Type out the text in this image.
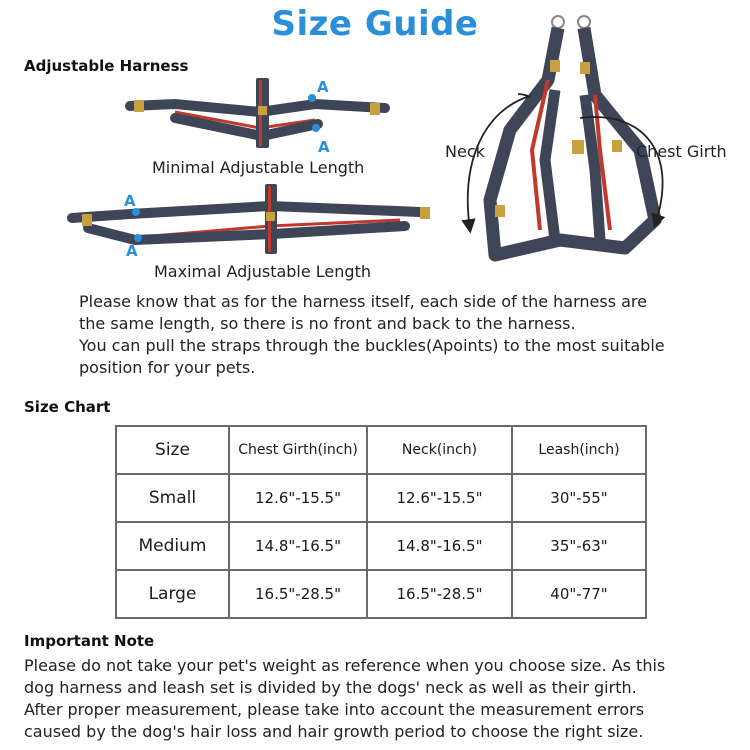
Size Guide
Adjustable Harness
A
A
A
A
Neck	Chest Girth
Minimal Adjustable Length
Maximal Adjustable Length

Please know that as for the harness itself, each side of the harness are

the same length, so there is no front and back to the harness.

You can pull the straps through the buckles(Apoints) to the most suitable

position for your pets.

Size Chart
Size	Chest Girth(inch)	Neck(inch)	Leash(inch)
Small	12.6"-15.5"	12.6"-15.5"	30"-55"
Medium	14.8"-16.5"	14.8"-16.5"	35"-63"
Large	16.5"-28.5"	16.5"-28.5"	40"-77"
Important Note

Please do not take your pet's weight as reference when you choose size. As this

dog harness and leash set is divided by the dogs' neck as well as their girth.

After proper measurement, please take into account the measurement errors

caused by the dog's hair loss and hair growth period to choose the right size.
